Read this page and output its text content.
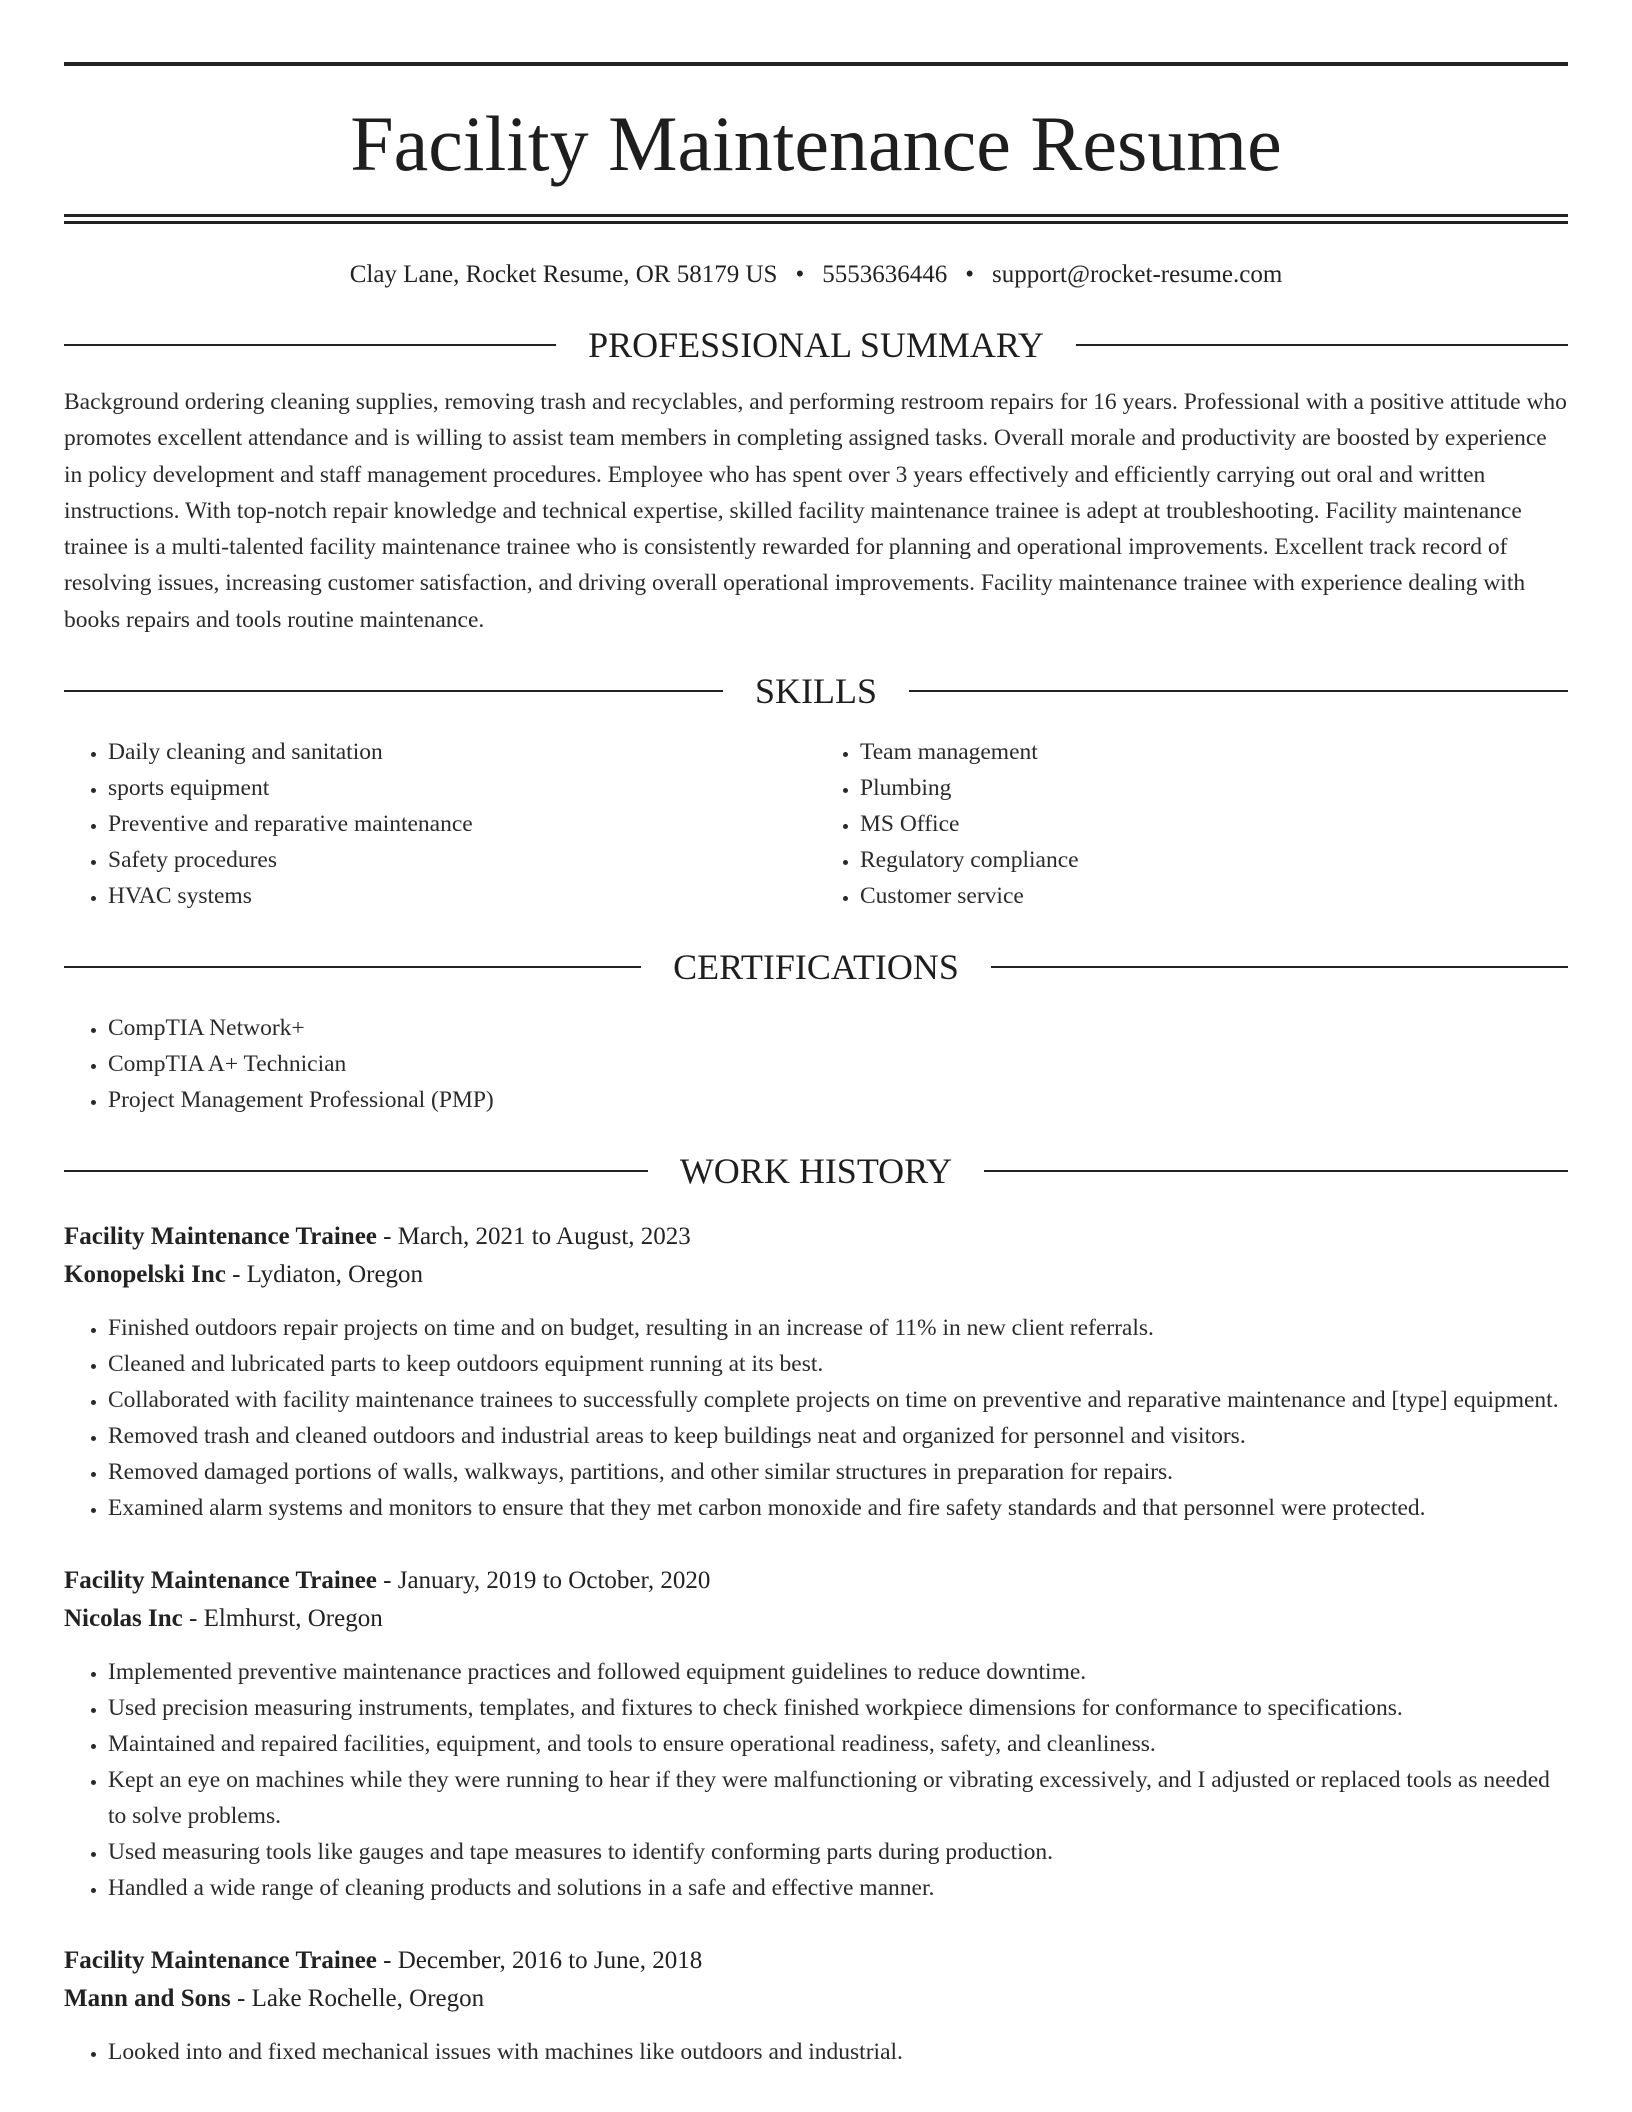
Facility Maintenance Resume
Clay Lane, Rocket Resume, OR 58179 US • 5553636446 • support@rocket-resume.com
PROFESSIONAL SUMMARY
Background ordering cleaning supplies, removing trash and recyclables, and performing restroom repairs for 16 years. Professional with a positive attitude who promotes excellent attendance and is willing to assist team members in completing assigned tasks. Overall morale and productivity are boosted by experience in policy development and staff management procedures. Employee who has spent over 3 years effectively and efficiently carrying out oral and written instructions. With top-notch repair knowledge and technical expertise, skilled facility maintenance trainee is adept at troubleshooting. Facility maintenance trainee is a multi-talented facility maintenance trainee who is consistently rewarded for planning and operational improvements. Excellent track record of resolving issues, increasing customer satisfaction, and driving overall operational improvements. Facility maintenance trainee with experience dealing with books repairs and tools routine maintenance.
SKILLS
• Daily cleaning and sanitation
• sports equipment
• Preventive and reparative maintenance
• Safety procedures
• HVAC systems
• Team management
• Plumbing
• MS Office
• Regulatory compliance
• Customer service
CERTIFICATIONS
• CompTIA Network+
• CompTIA A+ Technician
• Project Management Professional (PMP)
WORK HISTORY
Facility Maintenance Trainee - March, 2021 to August, 2023
Konopelski Inc - Lydiaton, Oregon
• Finished outdoors repair projects on time and on budget, resulting in an increase of 11% in new client referrals.
• Cleaned and lubricated parts to keep outdoors equipment running at its best.
• Collaborated with facility maintenance trainees to successfully complete projects on time on preventive and reparative maintenance and [type] equipment.
• Removed trash and cleaned outdoors and industrial areas to keep buildings neat and organized for personnel and visitors.
• Removed damaged portions of walls, walkways, partitions, and other similar structures in preparation for repairs.
• Examined alarm systems and monitors to ensure that they met carbon monoxide and fire safety standards and that personnel were protected.
Facility Maintenance Trainee - January, 2019 to October, 2020
Nicolas Inc - Elmhurst, Oregon
• Implemented preventive maintenance practices and followed equipment guidelines to reduce downtime.
• Used precision measuring instruments, templates, and fixtures to check finished workpiece dimensions for conformance to specifications.
• Maintained and repaired facilities, equipment, and tools to ensure operational readiness, safety, and cleanliness.
• Kept an eye on machines while they were running to hear if they were malfunctioning or vibrating excessively, and I adjusted or replaced tools as needed to solve problems.
• Used measuring tools like gauges and tape measures to identify conforming parts during production.
• Handled a wide range of cleaning products and solutions in a safe and effective manner.
Facility Maintenance Trainee - December, 2016 to June, 2018
Mann and Sons - Lake Rochelle, Oregon
• Looked into and fixed mechanical issues with machines like outdoors and industrial.
